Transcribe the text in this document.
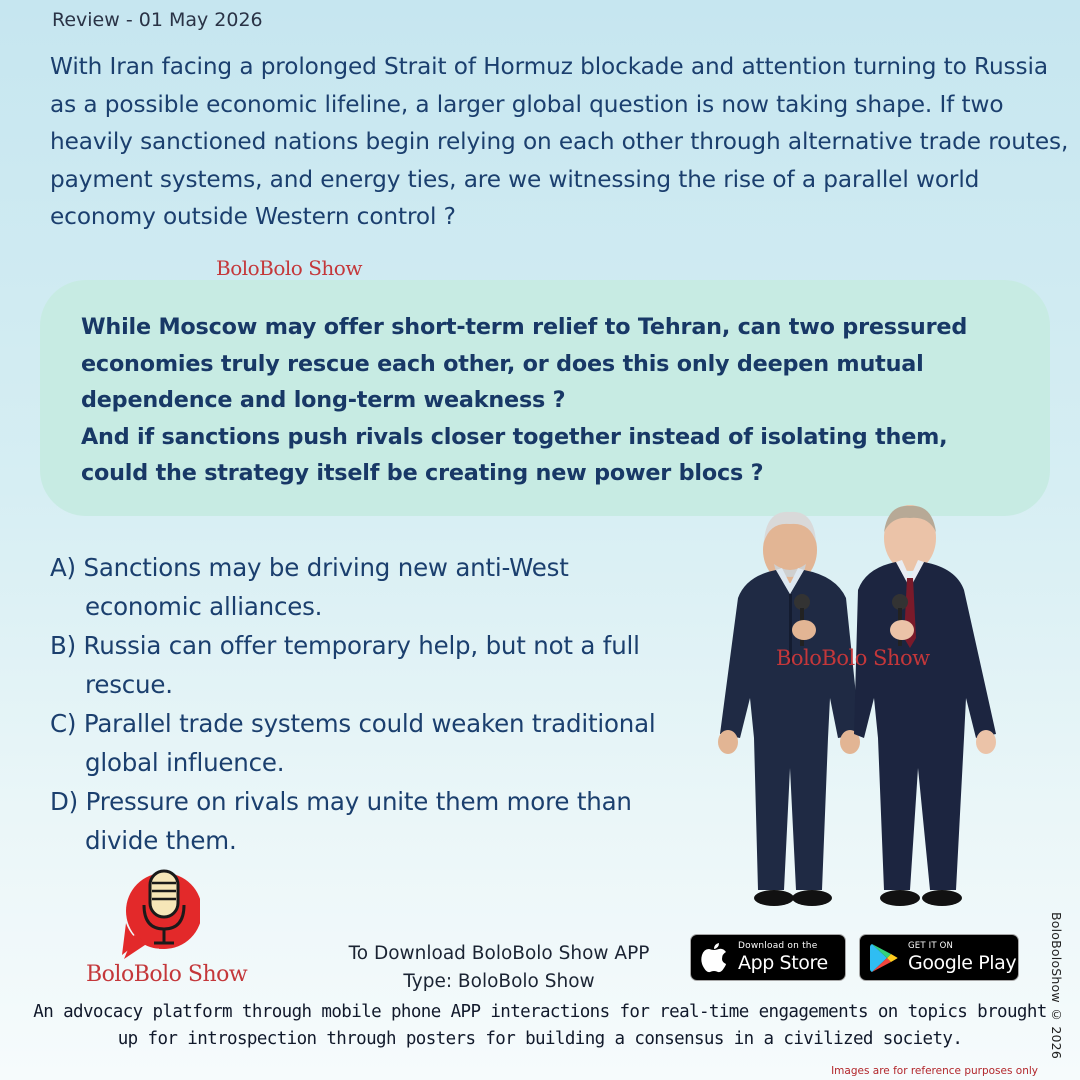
Review - 01 May 2026
With Iran facing a prolonged Strait of Hormuz blockade and attention turning to Russia as a possible economic lifeline, a larger global question is now taking shape. If two heavily sanctioned nations begin relying on each other through alternative trade routes, payment systems, and energy ties, are we witnessing the rise of a parallel world economy outside Western control ?
BoloBolo Show
While Moscow may offer short-term relief to Tehran, can two pressured economies truly rescue each other, or does this only deepen mutual dependence and long-term weakness ?
And if sanctions push rivals closer together instead of isolating them, could the strategy itself be creating new power blocs ?
A) Sanctions may be driving new anti-West economic alliances.
B) Russia can offer temporary help, but not a full rescue.
C) Parallel trade systems could weaken traditional global influence.
D) Pressure on rivals may unite them more than divide them.
BoloBolo Show
BoloBolo Show
To Download BoloBolo Show APP
Type: BoloBolo Show
Download on the
App Store
GET IT ON
Google Play
An advocacy platform through mobile phone APP interactions for real-time engagements on topics brought up for introspection through posters for building a consensus in a civilized society.	BoloBoloShow © 2026
Images are for reference purposes only
